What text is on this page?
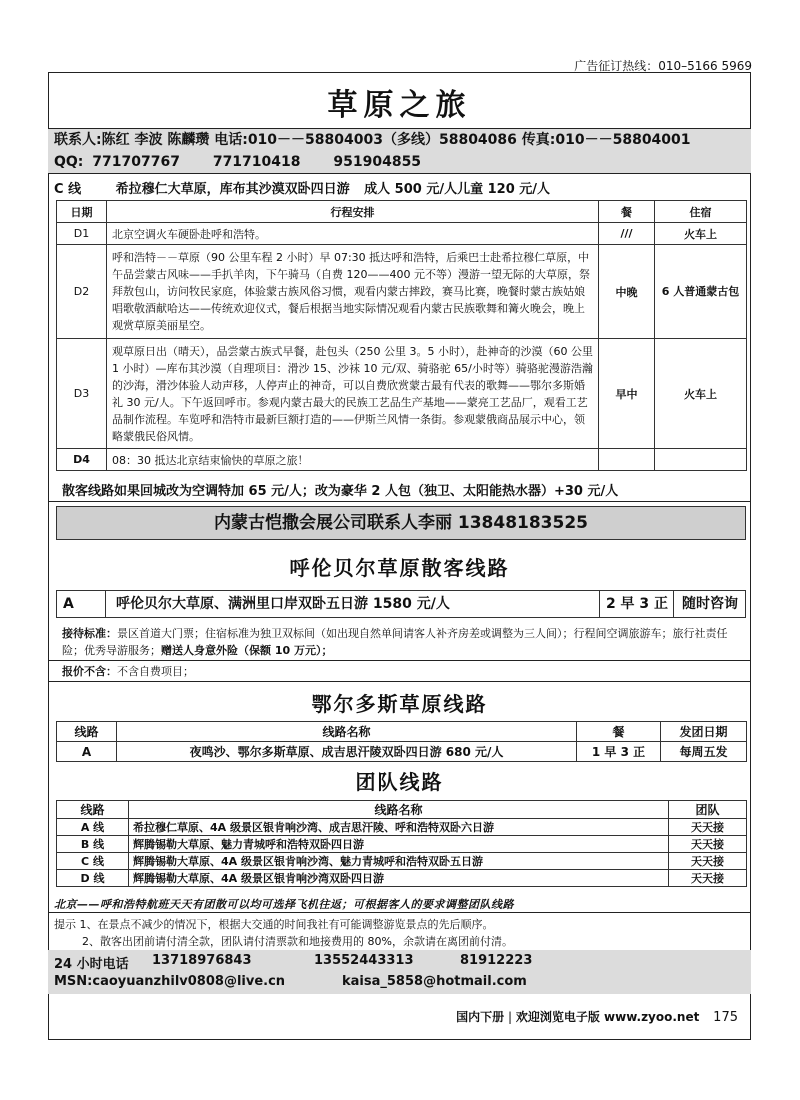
广告征订热线：010–5166 5969
草原之旅
联系人:陈红 李波 陈麟瓒 电话:010－－58804003（多线）58804086 传真:010－－58804001
QQ: 771707767 771710418 951904855
C 线	希拉穆仁大草原，库布其沙漠双卧四日游 成人 500 元/人儿童 120 元/人
日期	行程安排	餐	住宿
D1	北京空调火车硬卧赴呼和浩特。	///	火车上
D2	呼和浩特－－草原（90 公里车程 2 小时）早 07:30 抵达呼和浩特，后乘巴士赴希拉穆仁草原，中午品尝蒙古风味——手扒羊肉，下午骑马（自费 120——400 元不等）漫游一望无际的大草原，祭拜敖包山，访问牧民家庭，体验蒙古族风俗习惯，观看内蒙古摔跤，赛马比赛，晚餐时蒙古族姑娘唱歌敬酒献哈达——传统欢迎仪式，餐后根据当地实际情况观看内蒙古民族歌舞和篝火晚会，晚上观赏草原美丽星空。	中晚	6 人普通蒙古包
D3	观草原日出（晴天），品尝蒙古族式早餐，赴包头（250 公里 3。5 小时），赴神奇的沙漠（60 公里 1 小时）—库布其沙漠（自理项目：滑沙 15、沙袜 10 元/双、骑骆驼 65/小时等）骑骆驼漫游浩瀚的沙海，滑沙体验人动声移，人停声止的神奇，可以自费欣赏蒙古最有代表的歌舞——鄂尔多斯婚礼 30 元/人。下午返回呼市。参观内蒙古最大的民族工艺品生产基地——蒙亮工艺品厂，观看工艺品制作流程。车览呼和浩特市最新巨额打造的——伊斯兰风情一条街。参观蒙俄商品展示中心，领略蒙俄民俗风情。	早中	火车上
D4	08：30 抵达北京结束愉快的草原之旅！		
散客线路如果回城改为空调特加 65 元/人；改为豪华 2 人包（独卫、太阳能热水器）+30 元/人
内蒙古恺撒会展公司联系人李丽 13848183525
呼伦贝尔草原散客线路
A	呼伦贝尔大草原、满洲里口岸双卧五日游 1580 元/人	2 早 3 正 随时咨询
接待标准：景区首道大门票；住宿标准为独卫双标间（如出现自然单间请客人补齐房差或调整为三人间）；行程间空调旅游车；旅行社责任险；优秀导游服务；赠送人身意外险（保额 10 万元）；
报价不含：不含自费项目；
鄂尔多斯草原线路
线路	线路名称	餐	发团日期
A	夜鸣沙、鄂尔多斯草原、成吉思汗陵双卧四日游 680 元/人	1 早 3 正	每周五发
团队线路
线路	线路名称	团队
A 线	希拉穆仁草原、4A 级景区银肯响沙湾、成吉思汗陵、呼和浩特双卧六日游	天天接
B 线	辉腾锡勒大草原、魅力青城呼和浩特双卧四日游	天天接
C 线	辉腾锡勒大草原、4A 级景区银肯响沙湾、魅力青城呼和浩特双卧五日游	天天接
D 线	辉腾锡勒大草原、4A 级景区银肯响沙湾双卧四日游	天天接
北京——呼和浩特航班天天有团散可以均可选择飞机往返；可根据客人的要求调整团队线路
提示 1、在景点不减少的情况下，根据大交通的时间我社有可能调整游览景点的先后顺序。
2、散客出团前请付清全款，团队请付清票款和地接费用的 80%，余款请在离团前付清。
24 小时电话 13718976843	13552443313	81912223
MSN:caoyuanzhilv0808@live.cn	kaisa_5858@hotmail.com
国内下册 | 欢迎浏览电子版 www.zyoo.net 175
